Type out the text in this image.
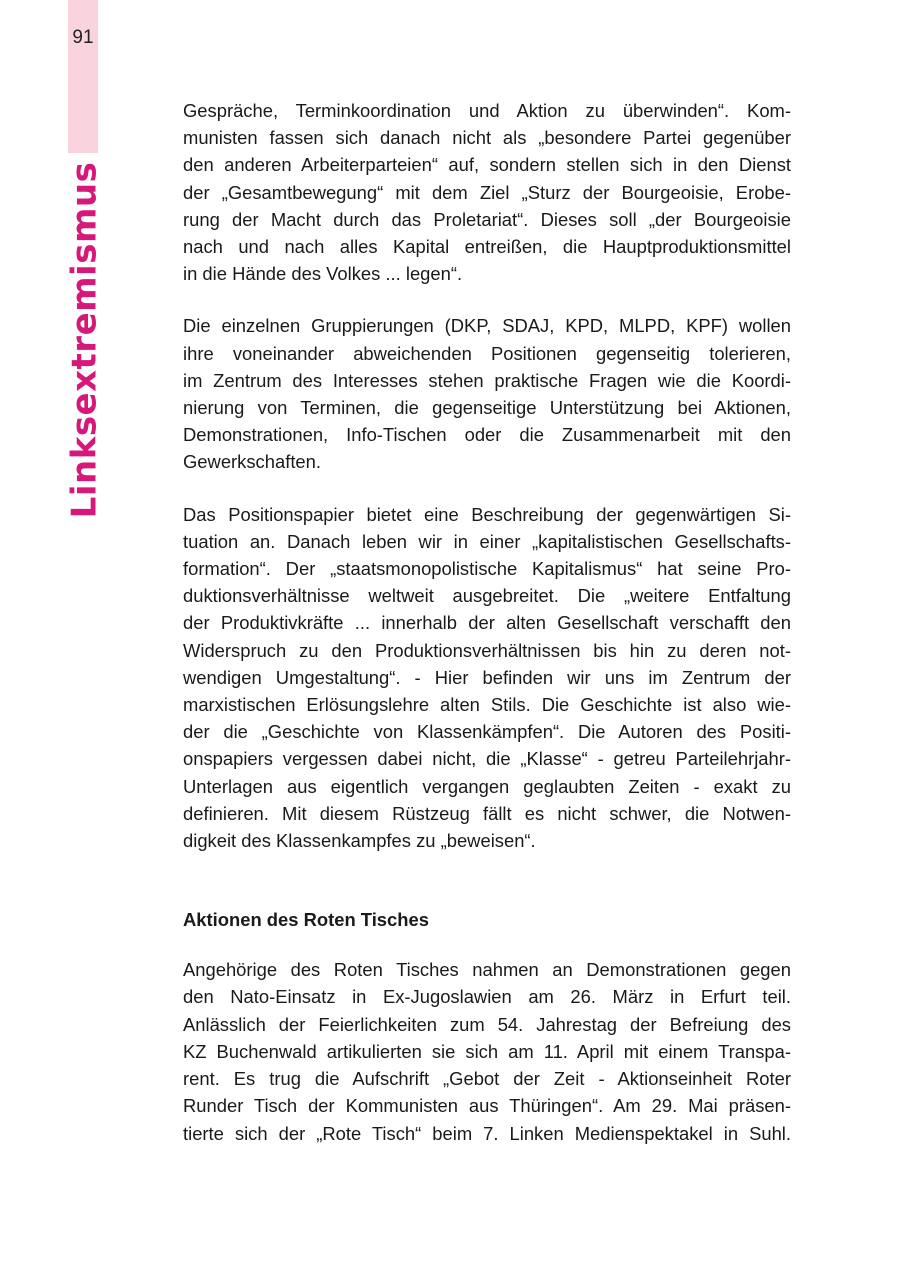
91
Linksextremismus

Gespräche, Terminkoordination und Aktion zu überwinden“. Kom-
munisten fassen sich danach nicht als „besondere Partei gegenüber
den anderen Arbeiterparteien“ auf, sondern stellen sich in den Dienst
der „Gesamtbewegung“ mit dem Ziel „Sturz der Bourgeoisie, Erobe-
rung der Macht durch das Proletariat“. Dieses soll „der Bourgeoisie
nach und nach alles Kapital entreißen, die Hauptproduktionsmittel
in die Hände des Volkes ... legen“.

Die einzelnen Gruppierungen (DKP, SDAJ, KPD, MLPD, KPF) wollen
ihre voneinander abweichenden Positionen gegenseitig tolerieren,
im Zentrum des Interesses stehen praktische Fragen wie die Koordi-
nierung von Terminen, die gegenseitige Unterstützung bei Aktionen,
Demonstrationen, Info-Tischen oder die Zusammenarbeit mit den
Gewerkschaften.

Das Positionspapier bietet eine Beschreibung der gegenwärtigen Si-
tuation an. Danach leben wir in einer „kapitalistischen Gesellschafts-
formation“. Der „staatsmonopolistische Kapitalismus“ hat seine Pro-
duktionsverhältnisse weltweit ausgebreitet. Die „weitere Entfaltung
der Produktivkräfte ... innerhalb der alten Gesellschaft verschafft den
Widerspruch zu den Produktionsverhältnissen bis hin zu deren not-
wendigen Umgestaltung“. - Hier befinden wir uns im Zentrum der
marxistischen Erlösungslehre alten Stils. Die Geschichte ist also wie-
der die „Geschichte von Klassenkämpfen“. Die Autoren des Positi-
onspapiers vergessen dabei nicht, die „Klasse“ - getreu Parteilehrjahr-
Unterlagen aus eigentlich vergangen geglaubten Zeiten - exakt zu
definieren. Mit diesem Rüstzeug fällt es nicht schwer, die Notwen-
digkeit des Klassenkampfes zu „beweisen“.

Aktionen des Roten Tisches

Angehörige des Roten Tisches nahmen an Demonstrationen gegen
den Nato-Einsatz in Ex-Jugoslawien am 26. März in Erfurt teil.
Anlässlich der Feierlichkeiten zum 54. Jahrestag der Befreiung des
KZ Buchenwald artikulierten sie sich am 11. April mit einem Transpa-
rent. Es trug die Aufschrift „Gebot der Zeit - Aktionseinheit Roter
Runder Tisch der Kommunisten aus Thüringen“. Am 29. Mai präsen-
tierte sich der „Rote Tisch“ beim 7. Linken Medienspektakel in Suhl.
